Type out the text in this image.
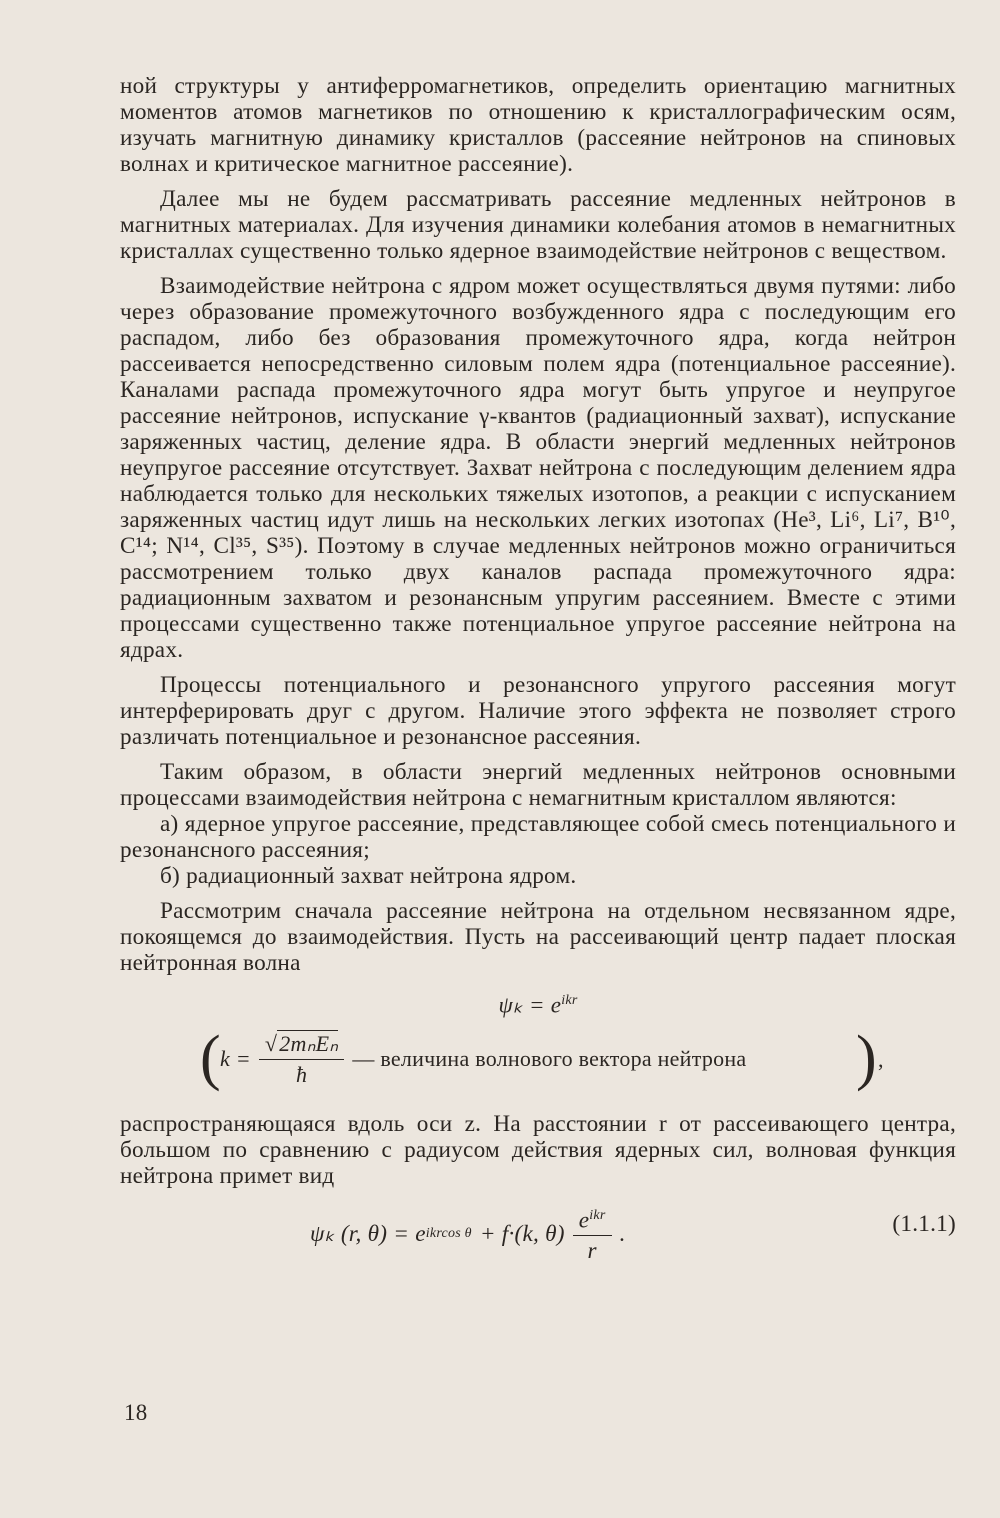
ной структуры у антиферромагнетиков, определить ориентацию магнитных моментов атомов магнетиков по отношению к кристаллографическим осям, изучать магнитную динамику кристаллов (рассеяние нейтронов на спиновых волнах и критическое магнитное рассеяние).

Далее мы не будем рассматривать рассеяние медленных нейтронов в магнитных материалах. Для изучения динамики колебания атомов в немагнитных кристаллах существенно только ядерное взаимодействие нейтронов с веществом.

Взаимодействие нейтрона с ядром может осуществляться двумя путями: либо через образование промежуточного возбужденного ядра с последующим его распадом, либо без образования промежуточного ядра, когда нейтрон рассеивается непосредственно силовым полем ядра (потенциальное рассеяние). Каналами распада промежуточного ядра могут быть упругое и неупругое рассеяние нейтронов, испускание γ-квантов (радиационный захват), испускание заряженных частиц, деление ядра. В области энергий медленных нейтронов неупругое рассеяние отсутствует. Захват нейтрона с последующим делением ядра наблюдается только для нескольких тяжелых изотопов, а реакции с испусканием заряженных частиц идут лишь на нескольких легких изотопах (He³, Li⁶, Li⁷, B¹⁰, C¹⁴; N¹⁴, Cl³⁵, S³⁵). Поэтому в случае медленных нейтронов можно ограничиться рассмотрением только двух каналов распада промежуточного ядра: радиационным захватом и резонансным упругим рассеянием. Вместе с этими процессами существенно также потенциальное упругое рассеяние нейтрона на ядрах.

Процессы потенциального и резонансного упругого рассеяния могут интерферировать друг с другом. Наличие этого эффекта не позволяет строго различать потенциальное и резонансное рассеяния.

Таким образом, в области энергий медленных нейтронов основными процессами взаимодействия нейтрона с немагнитным кристаллом являются:

а) ядерное упругое рассеяние, представляющее собой смесь потенциального и резонансного рассеяния;

б) радиационный захват нейтрона ядром.

Рассмотрим сначала рассеяние нейтрона на отдельном несвязанном ядре, покоящемся до взаимодействия. Пусть на рассеивающий центр падает плоская нейтронная волна

$\psi_k = e^{ikr}$
( $k = \frac{\text{√2mₙEₙ}}{ħ}$ — величина волнового вектора нейтрона ) ,

распространяющаяся вдоль оси z. На расстоянии r от рассеивающего центра, большом по сравнению с радиусом действия ядерных сил, волновая функция нейтрона примет вид

ψₖ (r, θ) = e ikrcos θ + f·(k, $\theta) \frac{e^{ikr}}{r}$ .	(1.1.1)
18
